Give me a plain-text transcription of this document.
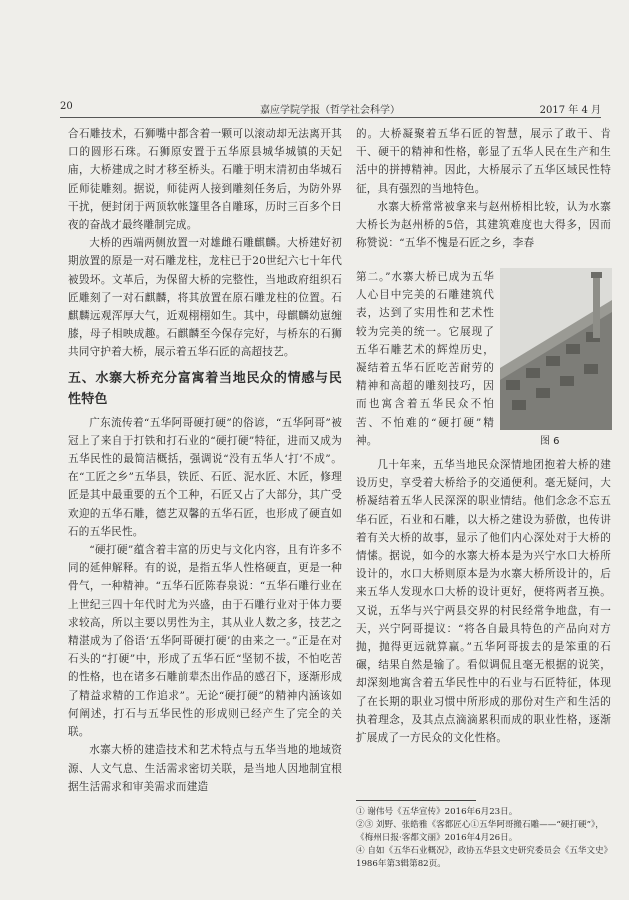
20	嘉应学院学报（哲学社会科学）	2017 年 4 月

合石雕技术，石狮嘴中都含着一颗可以滚动却无法离开其口的圆形石珠。石狮原安置于五华原县城华城镇的天妃庙，大桥建成之时才移至桥头。石雕于明末清初由华城石匠师徒雕刻。据说，师徒两人接到雕刻任务后，为防外界干扰，便封闭于两顶软帐篷里各自雕琢，历时三百多个日夜的奋战才最终雕制完成。

大桥的西端两侧放置一对雄雌石雕麒麟。大桥建好初期放置的原是一对石雕龙柱，龙柱已于20世纪六七十年代被毁坏。文革后，为保留大桥的完整性，当地政府组织石匠雕刻了一对石麒麟，将其放置在原石雕龙柱的位置。石麒麟远观浑厚大气，近观栩栩如生。其中，母麒麟幼崽缠膝，母子相映成趣。石麒麟至今保存完好，与桥东的石狮共同守护着大桥，展示着五华石匠的高超技艺。

五、水寨大桥充分富寓着当地民众的情感与民性特色

广东流传着“五华阿哥硬打硬”的俗谚，“五华阿哥”被冠上了来自于打铁和打石业的“硬打硬”特征，进而又成为五华民性的最简洁概括，强调说“没有五华人‘打’不成”。在“工匠之乡”五华县，铁匠、石匠、泥水匠、木匠，修理匠是其中最重要的五个工种，石匠又占了大部分，其广受欢迎的五华石雕，德艺双馨的五华石匠，也形成了硬直如石的五华民性。

“硬打硬”蕴含着丰富的历史与文化内容，且有许多不同的延伸解释。有的说，是指五华人性格硬直，更是一种骨气，一种精神。“五华石匠陈春泉说：“五华石雕行业在上世纪三四十年代时尤为兴盛，由于石雕行业对于体力要求较高，所以主要以男性为主，其从业人数之多，技艺之精湛成为了俗语‘五华阿哥硬打硬’的由来之一。”正是在对石头的“打硬”中，形成了五华石匠“坚韧不拔，不怕吃苦的性格，也在诸多石雕前辈杰出作品的感召下，逐渐形成了精益求精的工作追求”。无论“硬打硬”的精神内涵该如何阐述，打石与五华民性的形成则已经产生了完全的关联。

水寨大桥的建造技术和艺术特点与五华当地的地域资源、人文气息、生活需求密切关联，是当地人因地制宜根据生活需求和审美需求而建造

的。大桥凝聚着五华石匠的智慧，展示了敢干、肯干、硬干的精神和性格，彰显了五华人民在生产和生活中的拼搏精神。因此，大桥展示了五华区域民性特征，具有强烈的当地特色。

水寨大桥常常被拿来与赵州桥相比较，认为水寨大桥长为赵州桥的5倍，其建筑难度也大得多，因而称赞说：“五华不愧是石匠之乡，李春

第二。”水寨大桥已成为五华人心目中完美的石雕建筑代表，达到了实用性和艺术性较为完美的统一。它展现了五华石雕艺术的辉煌历史，凝结着五华石匠吃苦耐劳的精神和高超的雕刻技巧，因而也寓含着五华民众不怕苦、不怕难的“硬打硬”精神。	图 6

几十年来，五华当地民众深情地团抱着大桥的建设历史，享受着大桥给予的交通便利。毫无疑问，大桥凝结着五华人民深深的职业情结。他们念念不忘五华石匠，石业和石雕，以大桥之建设为骄傲，也传讲着有关大桥的故事，显示了他们内心深处对于大桥的情愫。据说，如今的水寨大桥本是为兴宁水口大桥所设计的，水口大桥则原本是为水寨大桥所设计的，后来五华人发现水口大桥的设计更好，便将两者互换。又说，五华与兴宁两县交界的村民经常争地盘，有一天，兴宁阿哥提议：“将各自最具特色的产品向对方抛，抛得更远就算赢。”五华阿哥拔去的是笨重的石碾，结果自然是输了。看似调侃且毫无根据的说笑，却深刻地寓含着五华民性中的石业与石匠特征，体现了在长期的职业习惯中所形成的那份对生产和生活的执着理念，及其点点滴滴累积而成的职业性格，逐渐扩展成了一方民众的文化性格。

① 谢伟号《五华宣传》2016年6月23日。

②③ 刘野、张皓雅《客都匠心①五华阿哥搬石雕——“硬打硬”》，《梅州日报·客都文丽》2016年4月26日。

④ 自如《五华石业概况》，政协五华县文史研究委员会《五华文史》1986年第3辑第82页。
